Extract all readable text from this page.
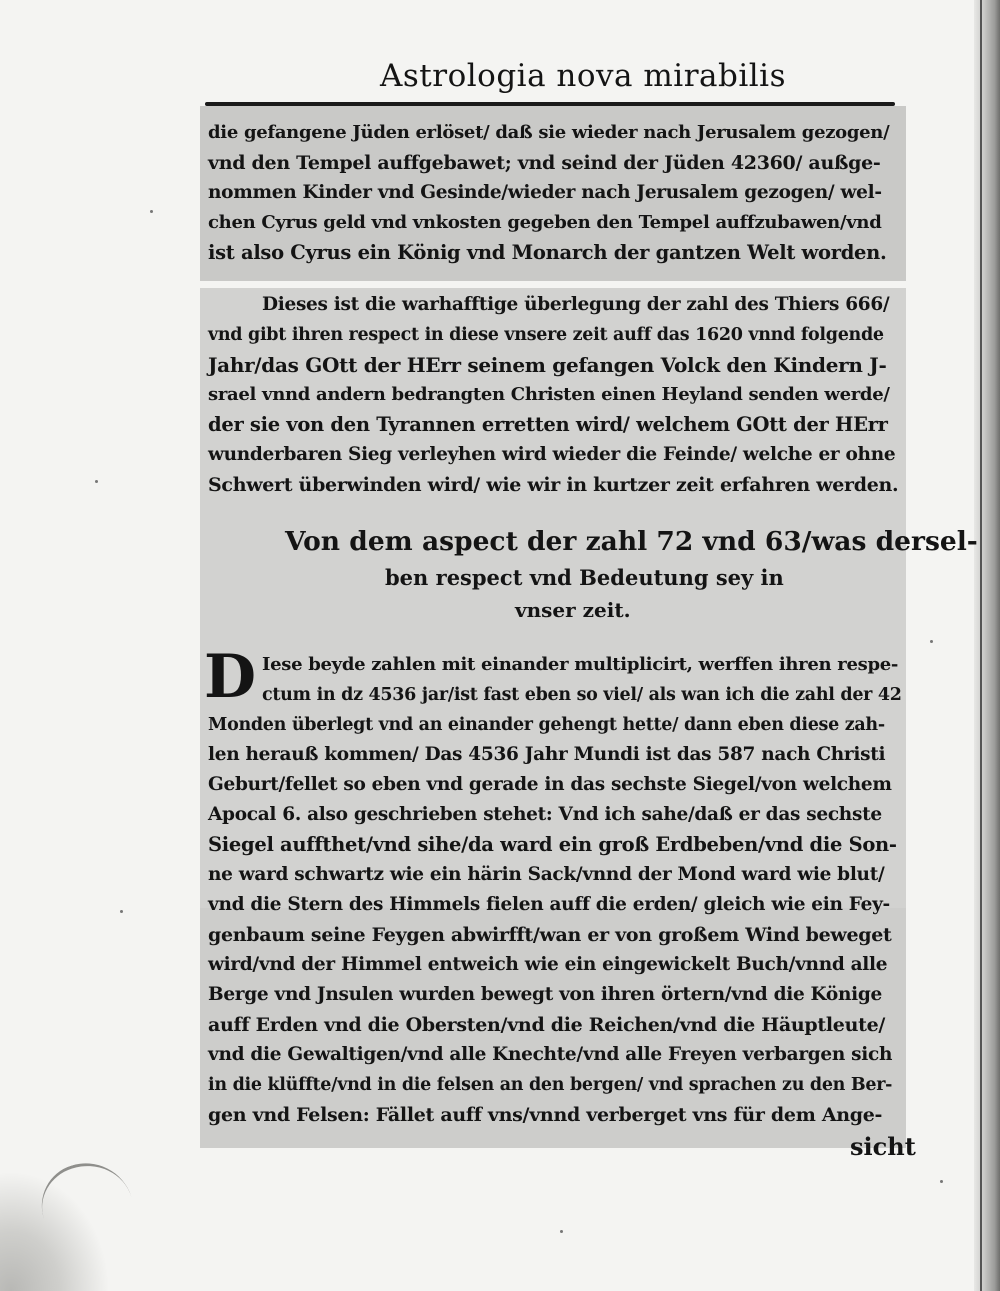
Astrologia nova mirabilis
die gefangene Jüden erlöset/ daß sie wieder nach Jerusalem gezogen/
vnd den Tempel auffgebawet; vnd seind der Jüden 42360/ außge-
nommen Kinder vnd Gesinde/wieder nach Jerusalem gezogen/ wel-
chen Cyrus geld vnd vnkosten gegeben den Tempel auffzubawen/vnd
ist also Cyrus ein König vnd Monarch der gantzen Welt worden.
Dieses ist die warhafftige überlegung der zahl des Thiers 666/
vnd gibt ihren respect in diese vnsere zeit auff das 1620 vnnd folgende
Jahr/das GOtt der HErr seinem gefangen Volck den Kindern J-
srael vnnd andern bedrangten Christen einen Heyland senden werde/
der sie von den Tyrannen erretten wird/ welchem GOtt der HErr
wunderbaren Sieg verleyhen wird wieder die Feinde/ welche er ohne
Schwert überwinden wird/ wie wir in kurtzer zeit erfahren werden.
Von dem aspect der zahl 72 vnd 63/was dersel-
ben respect vnd Bedeutung sey in
vnser zeit.
D Iese beyde zahlen mit einander multiplicirt, werffen ihren respe-
ctum in dz 4536 jar/ist fast eben so viel/ als wan ich die zahl der 42
Monden überlegt vnd an einander gehengt hette/ dann eben diese zah-
len herauß kommen/ Das 4536 Jahr Mundi ist das 587 nach Christi
Geburt/fellet so eben vnd gerade in das sechste Siegel/von welchem
Apocal 6. also geschrieben stehet: Vnd ich sahe/daß er das sechste
Siegel auffthet/vnd sihe/da ward ein groß Erdbeben/vnd die Son-
ne ward schwartz wie ein härin Sack/vnnd der Mond ward wie blut/
vnd die Stern des Himmels fielen auff die erden/ gleich wie ein Fey-
genbaum seine Feygen abwirfft/wan er von großem Wind beweget
wird/vnd der Himmel entweich wie ein eingewickelt Buch/vnnd alle
Berge vnd Jnsulen wurden bewegt von ihren örtern/vnd die Könige
auff Erden vnd die Obersten/vnd die Reichen/vnd die Häuptleute/
vnd die Gewaltigen/vnd alle Knechte/vnd alle Freyen verbargen sich
in die klüffte/vnd in die felsen an den bergen/ vnd sprachen zu den Ber-
gen vnd Felsen: Fället auff vns/vnnd verberget vns für dem Ange-
sicht
